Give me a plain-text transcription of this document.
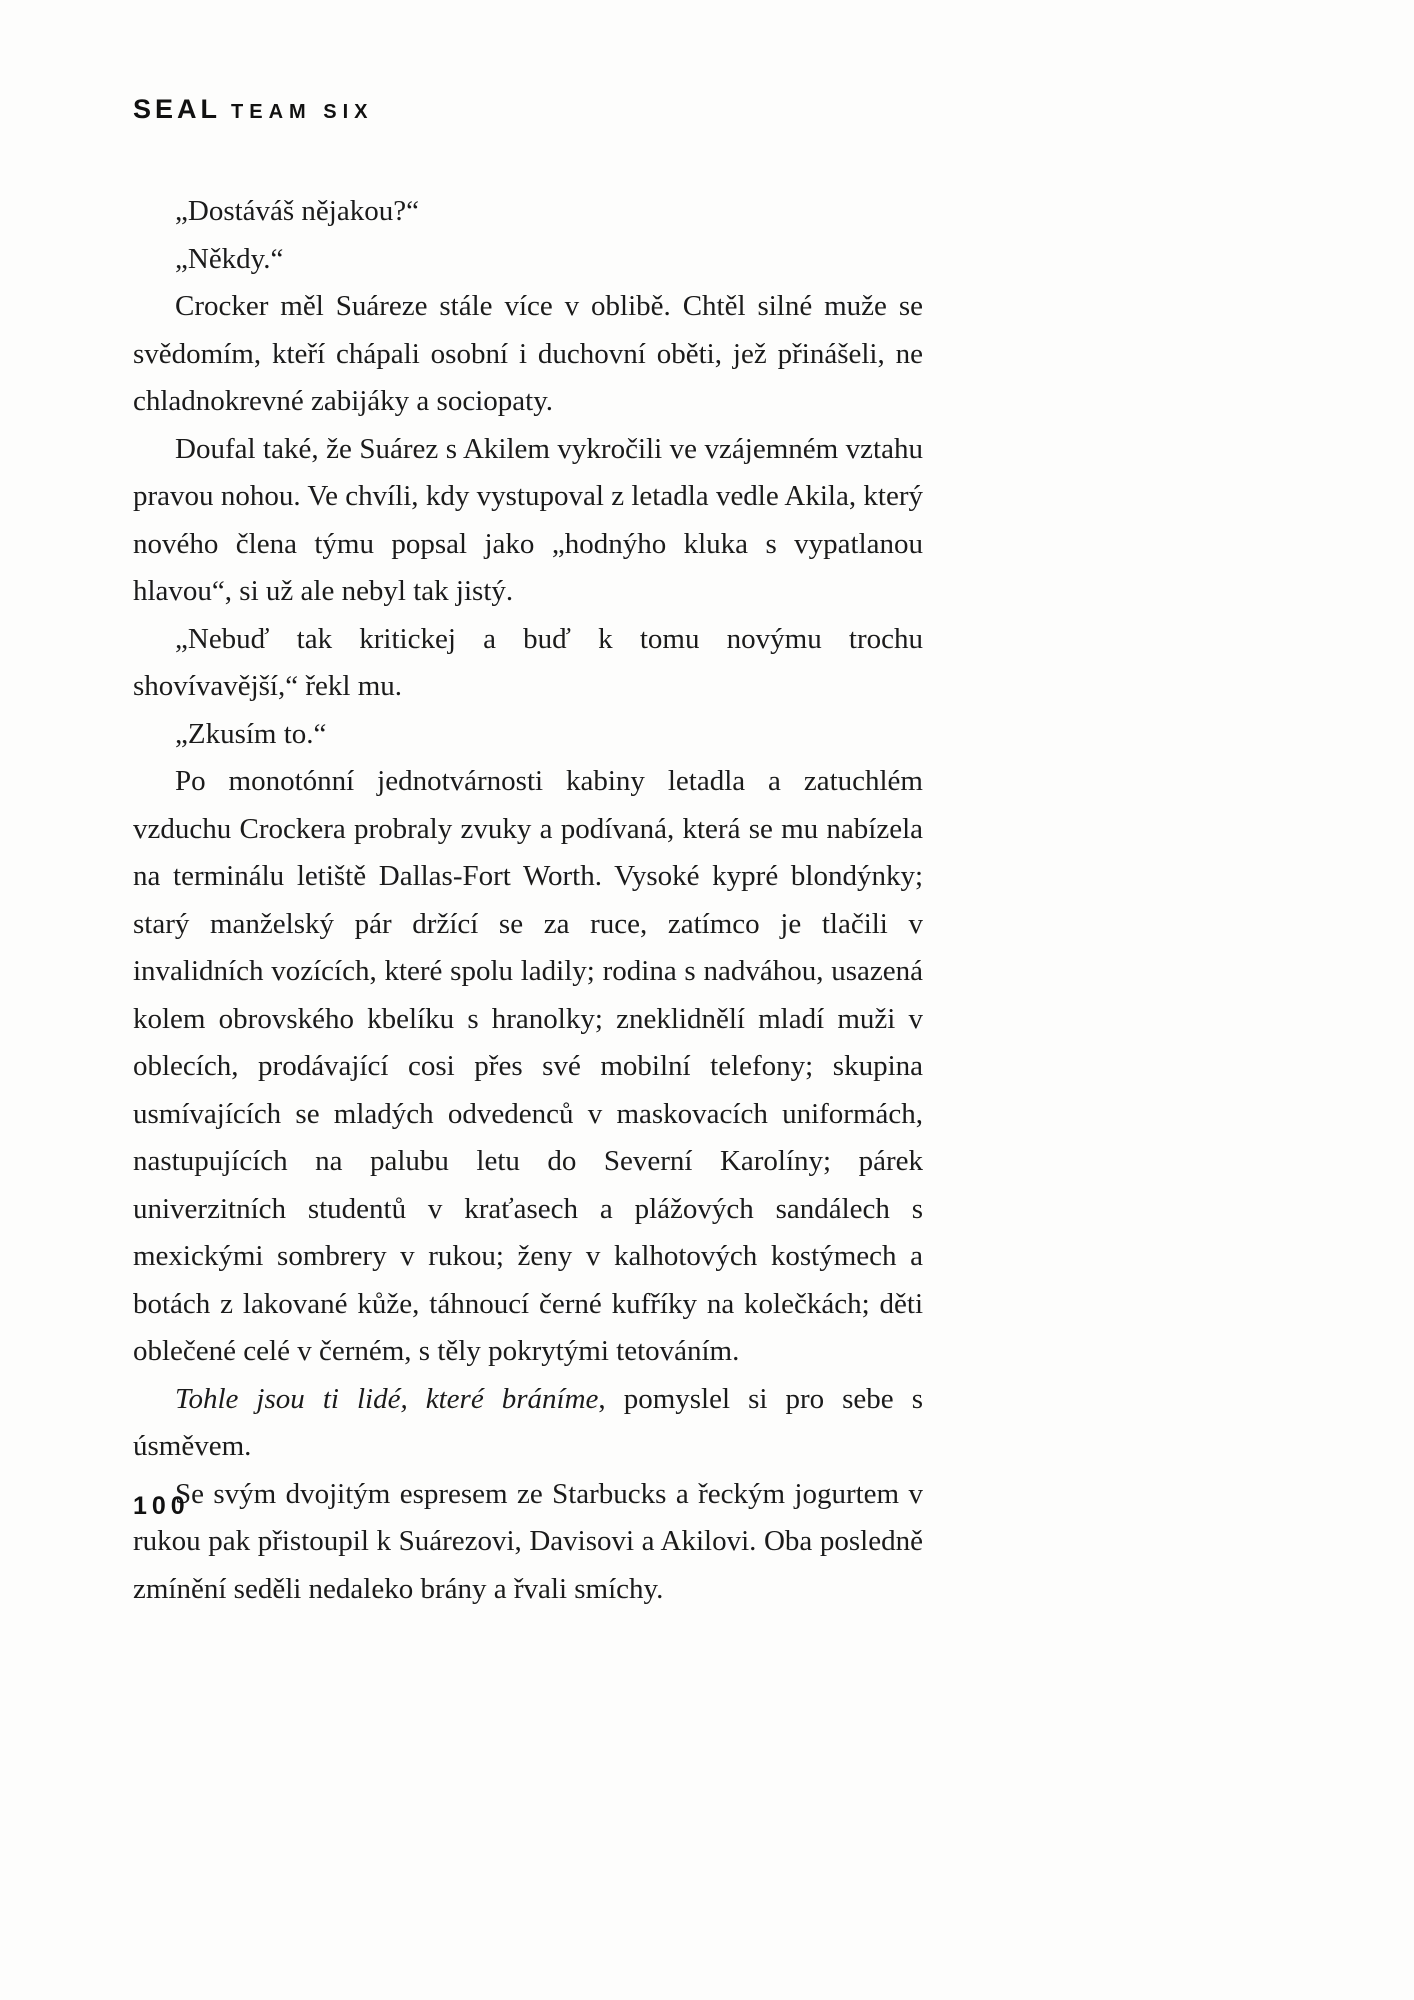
SEAL TEAM SIX

„Dostáváš nějakou?“

„Někdy.“

Crocker měl Suáreze stále více v oblibě. Chtěl silné muže se svědomím, kteří chápali osobní i duchovní oběti, jež přinášeli, ne chladnokrevné zabijáky a sociopaty.

Doufal také, že Suárez s Akilem vykročili ve vzájemném vztahu pravou nohou. Ve chvíli, kdy vystupoval z letadla vedle Akila, který nového člena týmu popsal jako „hodnýho kluka s vypatlanou hlavou“, si už ale nebyl tak jistý.

„Nebuď tak kritickej a buď k tomu novýmu trochu shovívavější,“ řekl mu.

„Zkusím to.“

Po monotónní jednotvárnosti kabiny letadla a zatuchlém vzduchu Crockera probraly zvuky a podívaná, která se mu nabízela na terminálu letiště Dallas-Fort Worth. Vysoké kypré blondýnky; starý manželský pár držící se za ruce, zatímco je tlačili v invalidních vozících, které spolu ladily; rodina s nadváhou, usazená kolem obrovského kbelíku s hranolky; zneklidnělí mladí muži v oblecích, prodávající cosi přes své mobilní telefony; skupina usmívajících se mladých odvedenců v maskovacích uniformách, nastupujících na palubu letu do Severní Karolíny; párek univerzitních studentů v kraťasech a plážových sandálech s mexickými sombrery v rukou; ženy v kalhotových kostýmech a botách z lakované kůže, táhnoucí černé kufříky na kolečkách; děti oblečené celé v černém, s těly pokrytými tetováním.

Tohle jsou ti lidé, které bráníme, pomyslel si pro sebe s úsměvem.

Se svým dvojitým espresem ze Starbucks a řeckým jogurtem v rukou pak přistoupil k Suárezovi, Davisovi a Akilovi. Oba posledně zmínění seděli nedaleko brány a řvali smíchy.

100
